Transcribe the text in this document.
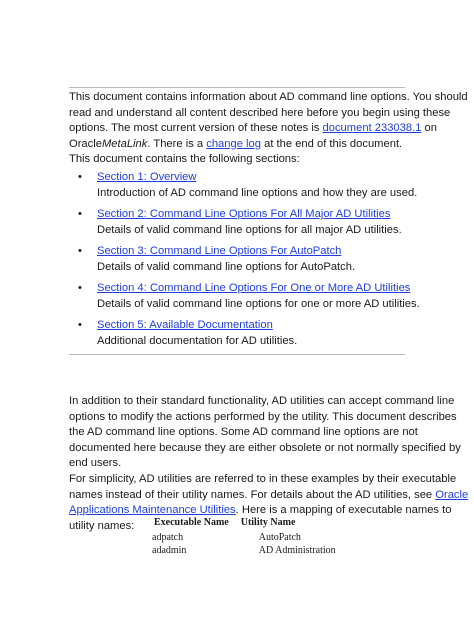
This document contains information about AD command line options. You should
read and understand all content described here before you begin using these
options. The most current version of these notes is document 233038.1 on
OracleMetaLink. There is a change log at the end of this document.
This document contains the following sections:
• Section 1: Overview
Introduction of AD command line options and how they are used.
• Section 2: Command Line Options For All Major AD Utilities
Details of valid command line options for all major AD utilities.
• Section 3: Command Line Options For AutoPatch
Details of valid command line options for AutoPatch.
• Section 4: Command Line Options For One or More AD Utilities
Details of valid command line options for one or more AD utilities.
• Section 5: Available Documentation
Additional documentation for AD utilities.
In addition to their standard functionality, AD utilities can accept command line
options to modify the actions performed by the utility. This document describes
the AD command line options. Some AD command line options are not
documented here because they are either obsolete or not normally specified by
end users.
For simplicity, AD utilities are referred to in these examples by their executable
names instead of their utility names. For details about the AD utilities, see Oracle
Applications Maintenance Utilities. Here is a mapping of executable names to
utility names:	Executable Name	Utility Name
adpatch	AutoPatch
adadmin	AD Administration
